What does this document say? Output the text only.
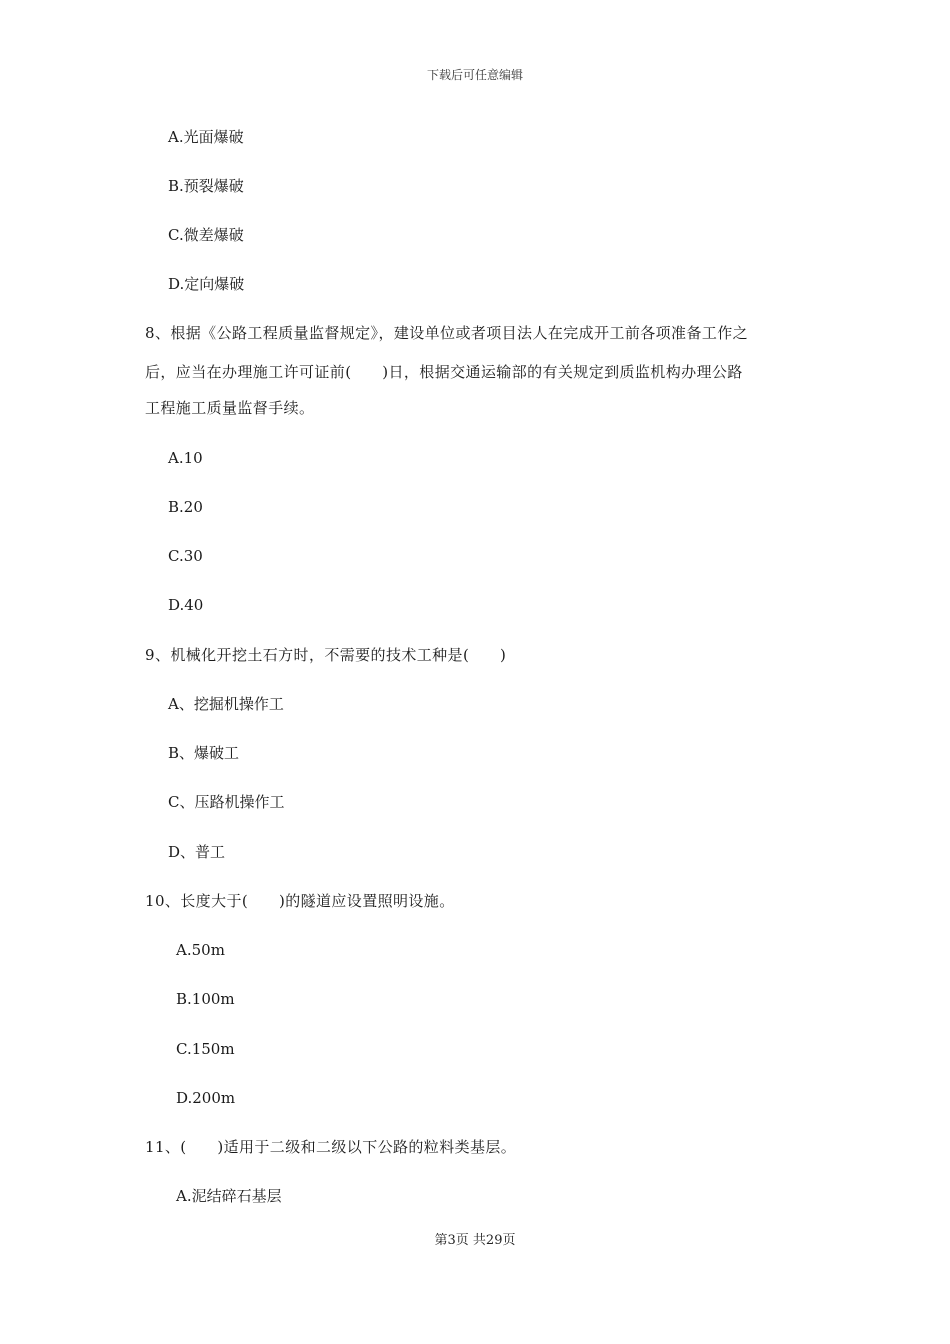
下载后可任意编辑
A.光面爆破
B.预裂爆破
C.微差爆破
D.定向爆破
8、根据《公路工程质量监督规定》，建设单位或者项目法人在完成开工前各项准备工作之
后，应当在办理施工许可证前(　　)日，根据交通运输部的有关规定到质监机构办理公路
工程施工质量监督手续。
A.10
B.20
C.30
D.40
9、机械化开挖土石方时，不需要的技术工种是(　　)
A、挖掘机操作工
B、爆破工
C、压路机操作工
D、普工
10、长度大于(　　)的隧道应设置照明设施。
A.50m
B.100m
C.150m
D.200m
11、(　　)适用于二级和二级以下公路的粒料类基层。
A.泥结碎石基层
第3页 共29页
